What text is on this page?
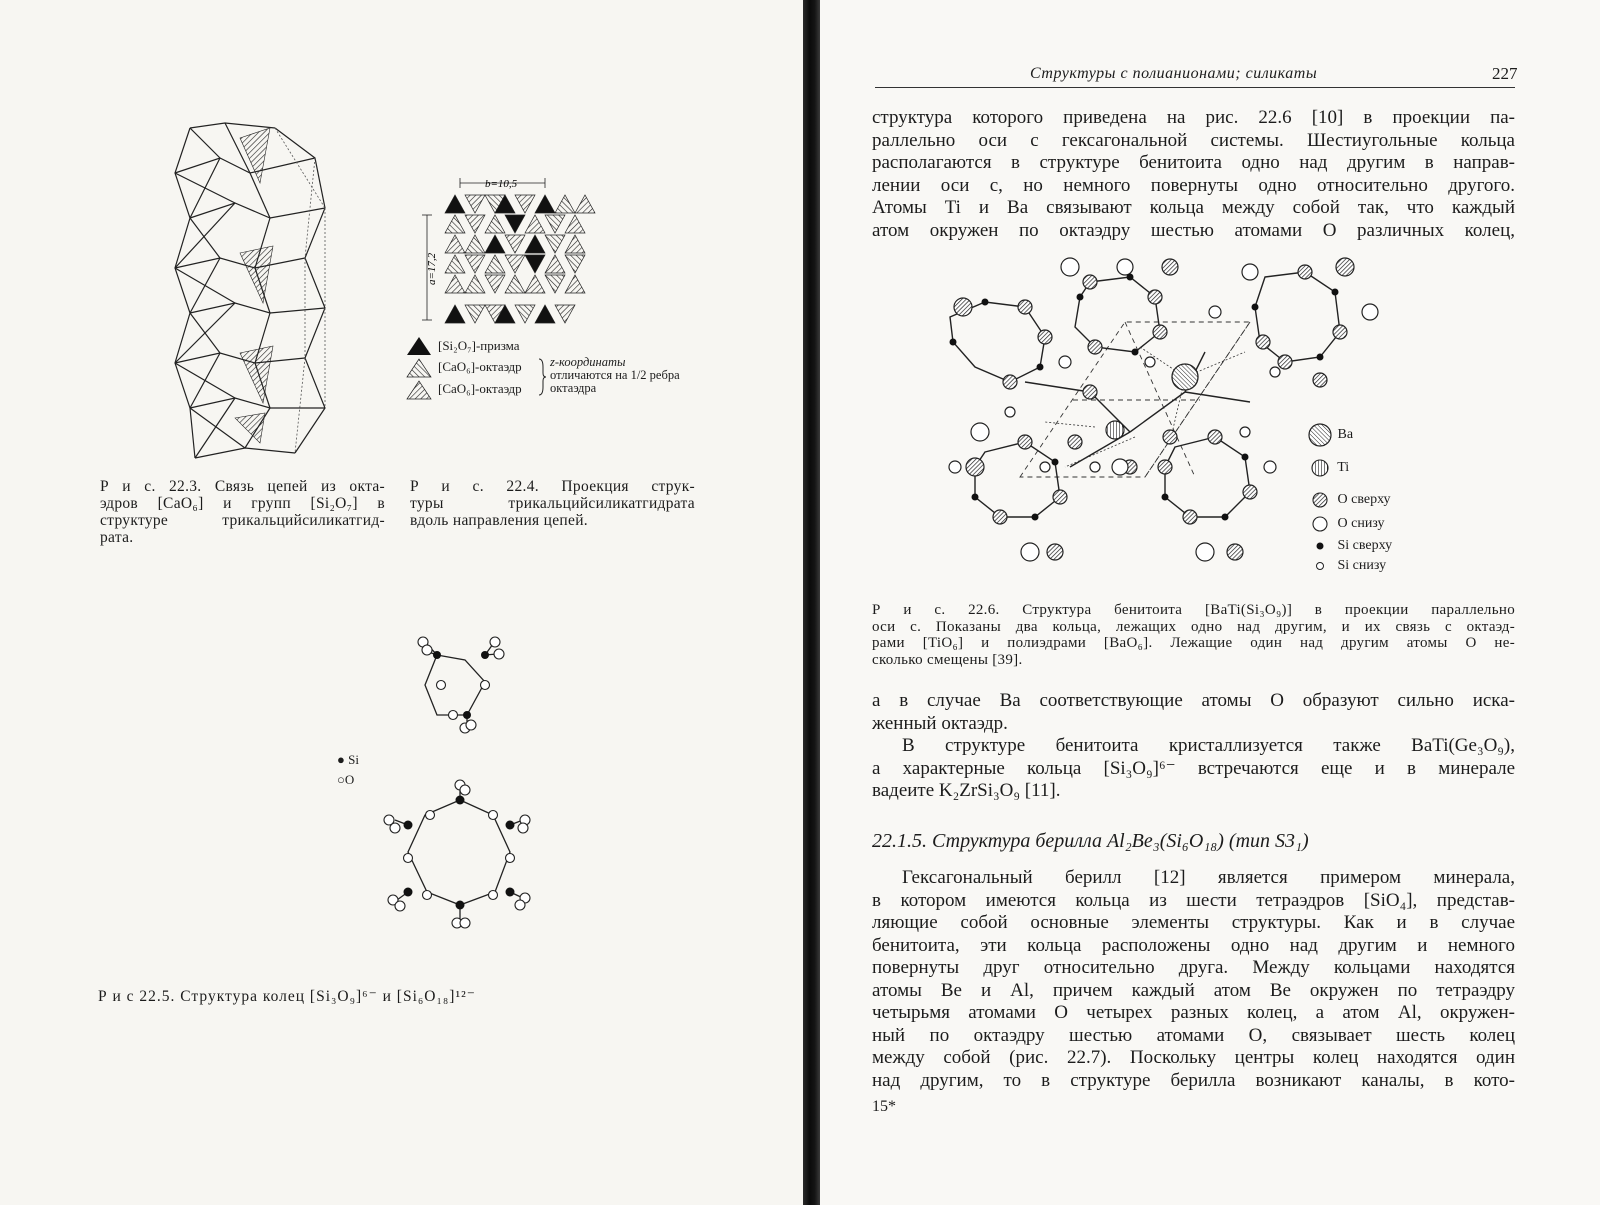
b=10,5
a=17,2
[Si₂O₇]-призма
[CaO₆]-октаэдр
[CaO₆]-октаэдр
z-координаты
отличаются на 1/2 ребра
октаэдра
Р и с. 22.3. Связь цепей из окта-
эдров [CaO₆] и групп [Si₂O₇] в
структуре трикальцийсиликатгид-
рата.
Р и с. 22.4. Проекция струк-
туры трикальцийсиликатгидрата
вдоль направления цепей.
● Si
○O
Р и с 22.5. Структура колец [Si₃O₉]⁶⁻ и [Si₆O₁₈]¹²⁻
Структуры с полианионами; силикаты	227
структура которого приведена на рис. 22.6 [10] в проекции па-
раллельно оси c гексагональной системы. Шестиугольные кольца
располагаются в структуре бенитоита одно над другим в направ-
лении оси c, но немного повернуты одно относительно другого.
Атомы Ti и Ba связывают кольца между собой так, что каждый
атом окружен по октаэдру шестью атомами O различных колец,
Ba
Ti
O сверху
O снизу
Si сверху
Si снизу
Р и с. 22.6. Структура бенитоита [BaTi(Si₃O₉)] в проекции параллельно
оси c. Показаны два кольца, лежащих одно над другим, и их связь с октаэд-
рами [TiO₆] и полиэдрами [BaO₆]. Лежащие один над другим атомы O не-
сколько смещены [39].
а в случае Ba соответствующие атомы O образуют сильно иска-
женный октаэдр.
В структуре бенитоита кристаллизуется также BaTi(Ge₃O₉),
а характерные кольца [Si₃O₉]⁶⁻ встречаются еще и в минерале
вадеите K₂ZrSi₃O₉ [11].
22.1.5. Структура берилла Al₂Be₃(Si₆O₁₈) (тип S3₁)
Гексагональный берилл [12] является примером минерала,
в котором имеются кольца из шести тетраэдров [SiO₄], представ-
ляющие собой основные элементы структуры. Как и в случае
бенитоита, эти кольца расположены одно над другим и немного
повернуты друг относительно друга. Между кольцами находятся
атомы Be и Al, причем каждый атом Be окружен по тетраэдру
четырьмя атомами O четырех разных колец, а атом Al, окружен-
ный по октаэдру шестью атомами O, связывает шесть колец
между собой (рис. 22.7). Поскольку центры колец находятся один
над другим, то в структуре берилла возникают каналы, в кото-
15*
